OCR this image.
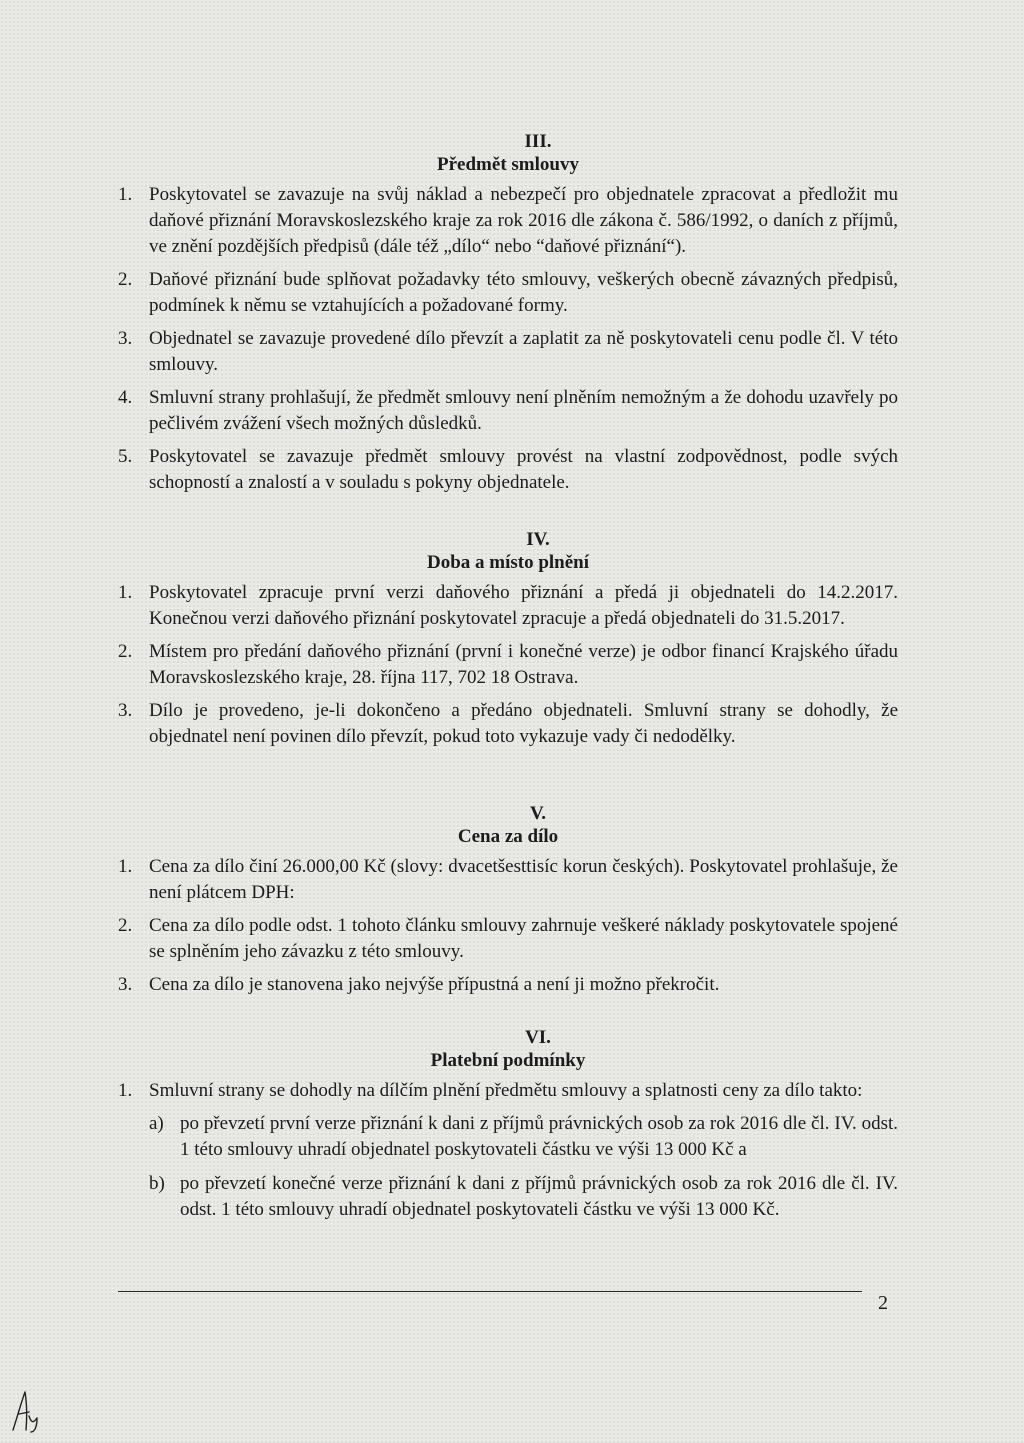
III.
Předmět smlouvy
1. Poskytovatel se zavazuje na svůj náklad a nebezpečí pro objednatele zpracovat a předložit mu daňové přiznání Moravskoslezského kraje za rok 2016 dle zákona č. 586/1992, o daních z příjmů, ve znění pozdějších předpisů (dále též „dílo“ nebo “daňové přiznání“).
2. Daňové přiznání bude splňovat požadavky této smlouvy, veškerých obecně závazných předpisů, podmínek k němu se vztahujících a požadované formy.
3. Objednatel se zavazuje provedené dílo převzít a zaplatit za ně poskytovateli cenu podle čl. V této smlouvy.
4. Smluvní strany prohlašují, že předmět smlouvy není plněním nemožným a že dohodu uzavřely po pečlivém zvážení všech možných důsledků.
5. Poskytovatel se zavazuje předmět smlouvy provést na vlastní zodpovědnost, podle svých schopností a znalostí a v souladu s pokyny objednatele.
IV.
Doba a místo plnění
1. Poskytovatel zpracuje první verzi daňového přiznání a předá ji objednateli do 14.2.2017. Konečnou verzi daňového přiznání poskytovatel zpracuje a předá objednateli do 31.5.2017.
2. Místem pro předání daňového přiznání (první i konečné verze) je odbor financí Krajského úřadu Moravskoslezského kraje, 28. října 117, 702 18 Ostrava.
3. Dílo je provedeno, je-li dokončeno a předáno objednateli. Smluvní strany se dohodly, že objednatel není povinen dílo převzít, pokud toto vykazuje vady či nedodělky.
V.
Cena za dílo
1. Cena za dílo činí 26.000,00 Kč (slovy: dvacetšesttisíc korun českých). Poskytovatel prohlašuje, že není plátcem DPH:
2. Cena za dílo podle odst. 1 tohoto článku smlouvy zahrnuje veškeré náklady poskytovatele spojené se splněním jeho závazku z této smlouvy.
3. Cena za dílo je stanovena jako nejvýše přípustná a není ji možno překročit.
VI.
Platební podmínky
1. Smluvní strany se dohodly na dílčím plnění předmětu smlouvy a splatnosti ceny za dílo takto:
a) po převzetí první verze přiznání k dani z příjmů právnických osob za rok 2016 dle čl. IV. odst. 1 této smlouvy uhradí objednatel poskytovateli částku ve výši 13 000 Kč a
b) po převzetí konečné verze přiznání k dani z příjmů právnických osob za rok 2016 dle čl. IV. odst. 1 této smlouvy uhradí objednatel poskytovateli částku ve výši 13 000 Kč.
2
